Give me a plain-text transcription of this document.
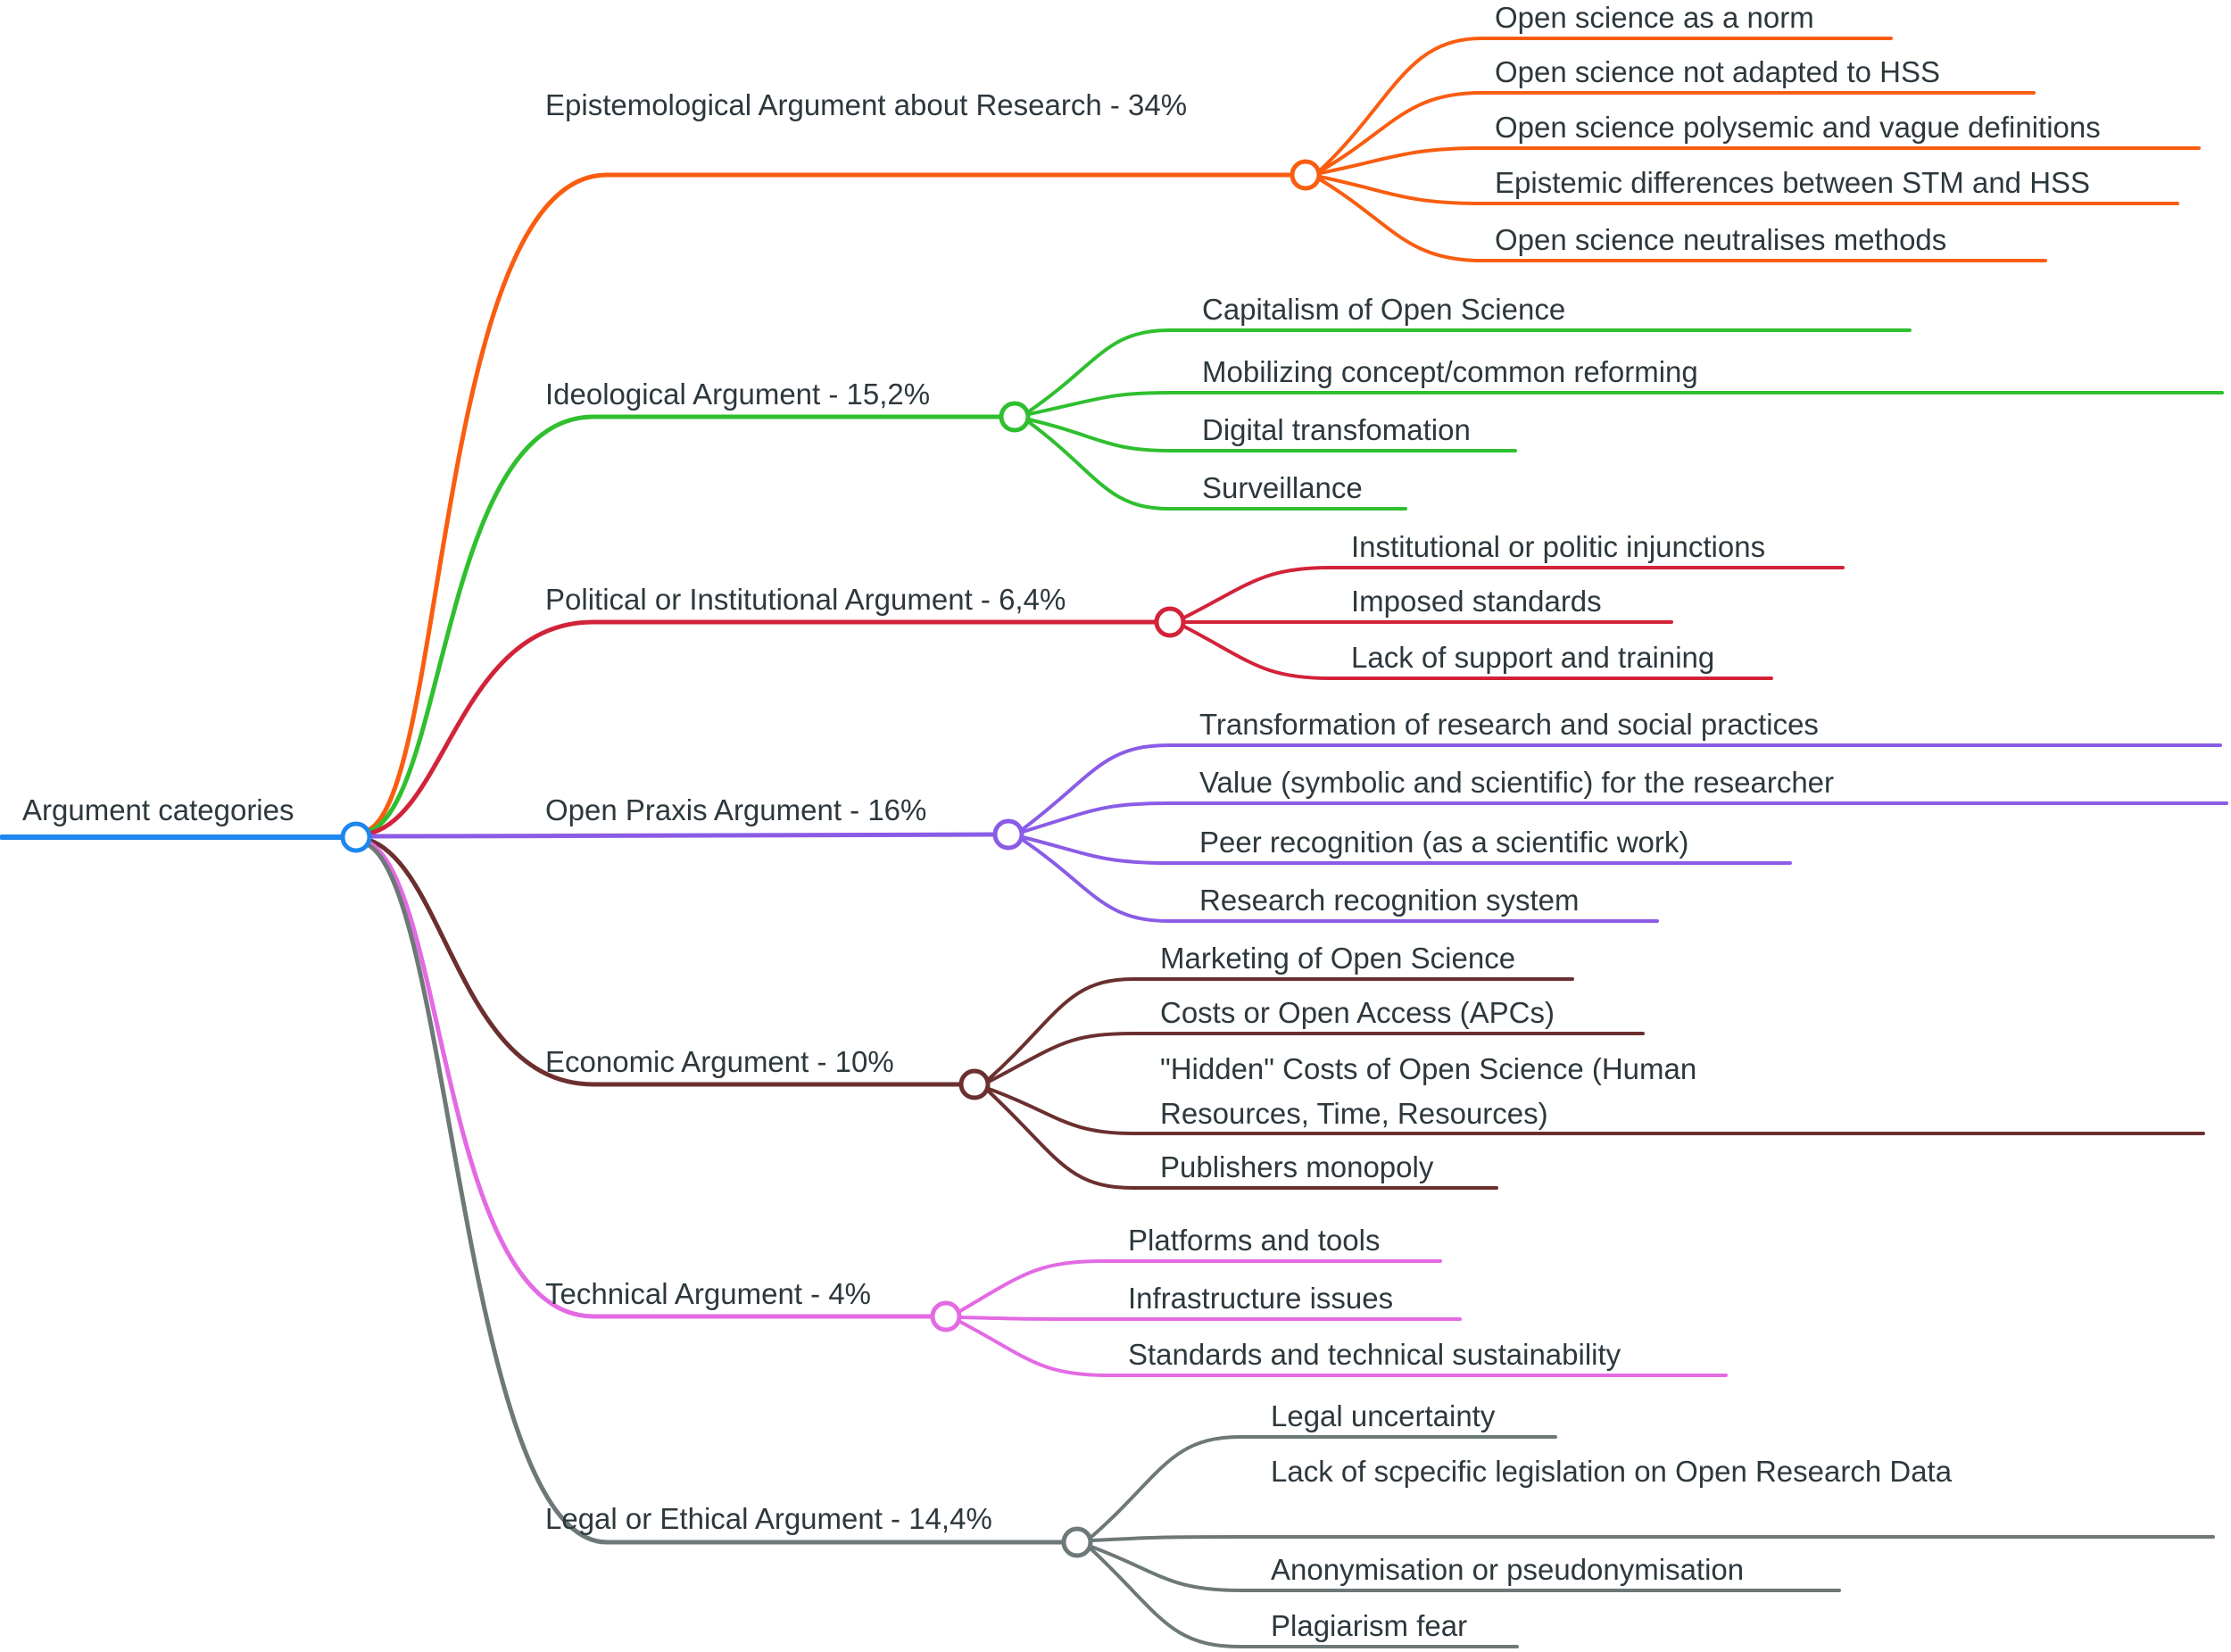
Argument categories
Epistemological Argument about Research - 34%
Ideological Argument - 15,2%
Political or Institutional Argument - 6,4%
Open Praxis Argument - 16%
Economic Argument - 10%
Technical Argument - 4%
Legal or Ethical Argument - 14,4%
Open science as a norm
Open science not adapted to HSS
Open science polysemic and vague definitions
Epistemic differences between STM and HSS
Open science neutralises methods
Capitalism of Open Science
Mobilizing concept/common reforming
Digital transfomation
Surveillance
Institutional or politic injunctions
Imposed standards
Lack of support and training
Transformation of research and social practices
Value (symbolic and scientific) for the researcher
Peer recognition (as a scientific work)
Research recognition system
Marketing of Open Science
Costs or Open Access (APCs)
"Hidden" Costs of Open Science (Human Resources, Time, Resources)
Publishers monopoly
Platforms and tools
Infrastructure issues
Standards and technical sustainability
Legal uncertainty
Lack of scpecific legislation on Open Research Data
Anonymisation or pseudonymisation
Plagiarism fear
